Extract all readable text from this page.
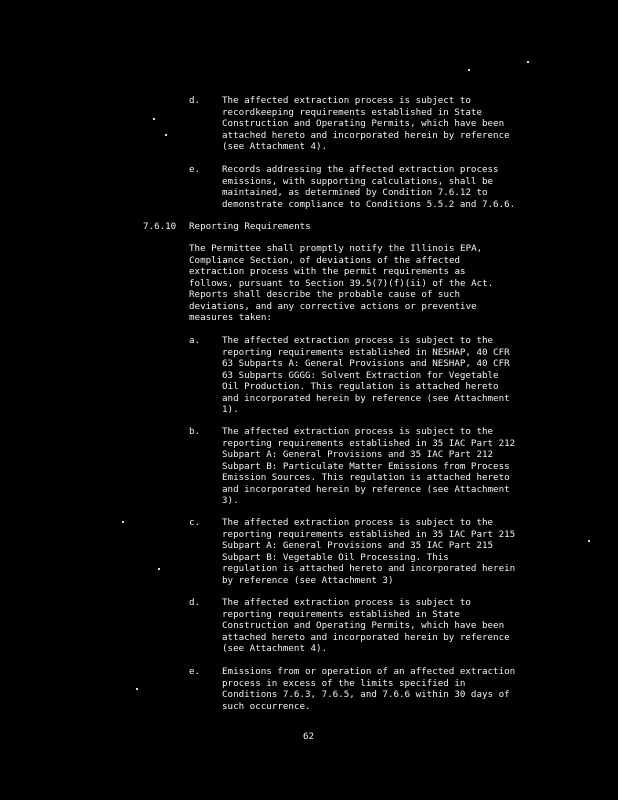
d.	The affected extraction process is subject to
recordkeeping requirements established in State
Construction and Operating Permits, which have been
attached hereto and incorporated herein by reference
(see Attachment 4).
e.	Records addressing the affected extraction process
emissions, with supporting calculations, shall be
maintained, as determined by Condition 7.6.12 to
demonstrate compliance to Conditions 5.5.2 and 7.6.6.
7.6.10 Reporting Requirements
The Permittee shall promptly notify the Illinois EPA,
Compliance Section, of deviations of the affected
extraction process with the permit requirements as
follows, pursuant to Section 39.5(7)(f)(ii) of the Act.
Reports shall describe the probable cause of such
deviations, and any corrective actions or preventive
measures taken:
a.	The affected extraction process is subject to the
reporting requirements established in NESHAP, 40 CFR
63 Subparts A: General Provisions and NESHAP, 40 CFR
63 Subparts GGGG: Solvent Extraction for Vegetable
Oil Production. This regulation is attached hereto
and incorporated herein by reference (see Attachment
1).
b.	The affected extraction process is subject to the
reporting requirements established in 35 IAC Part 212
Subpart A: General Provisions and 35 IAC Part 212
Subpart B: Particulate Matter Emissions from Process
Emission Sources. This regulation is attached hereto
and incorporated herein by reference (see Attachment
3).
c.	The affected extraction process is subject to the
reporting requirements established in 35 IAC Part 215
Subpart A: General Provisions and 35 IAC Part 215
Subpart B: Vegetable Oil Processing. This
regulation is attached hereto and incorporated herein
by reference (see Attachment 3)
d.	The affected extraction process is subject to
reporting requirements established in State
Construction and Operating Permits, which have been
attached hereto and incorporated herein by reference
(see Attachment 4).
e.	Emissions from or operation of an affected extraction
process in excess of the limits specified in
Conditions 7.6.3, 7.6.5, and 7.6.6 within 30 days of
such occurrence.
62
